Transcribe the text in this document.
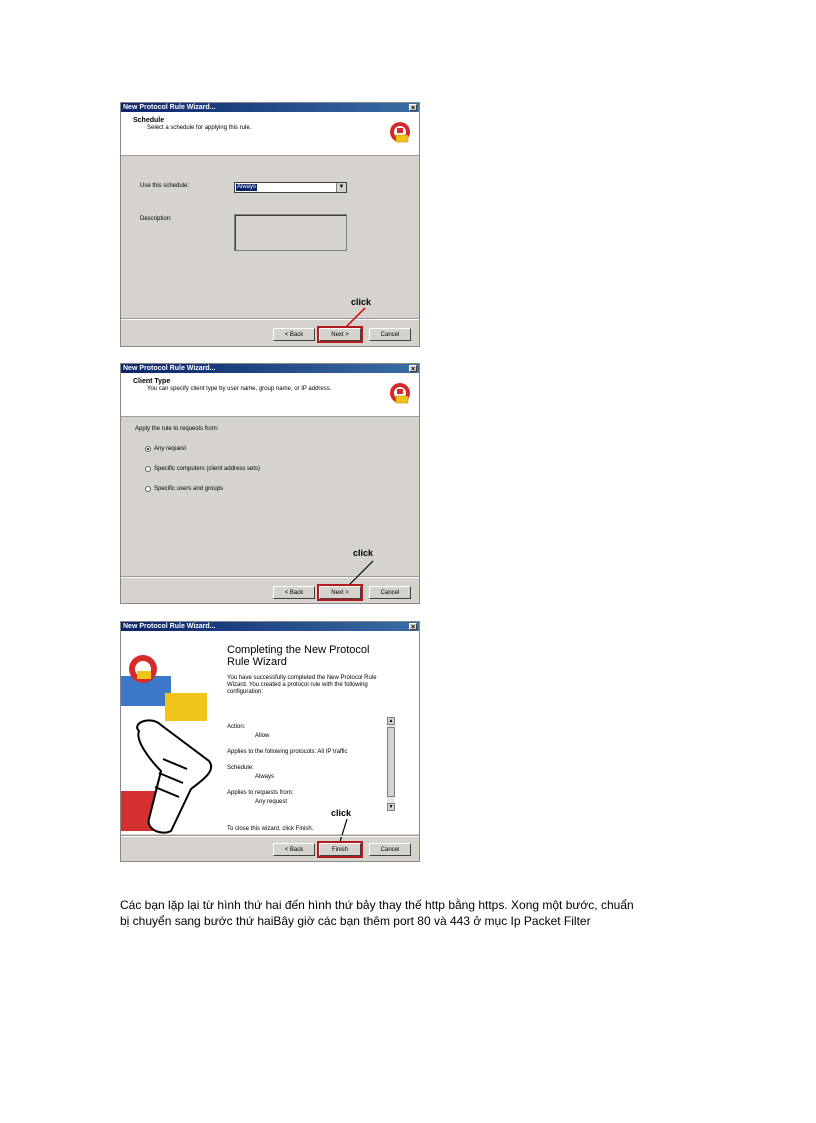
New Protocol Rule Wizard...	×
Schedule
Select a schedule for applying this rule.
Use this schedule:	Always	▼
Description:
click
< Back	Next >	Cancel
New Protocol Rule Wizard...	×
Client Type
You can specify client type by user name, group name, or IP address.
Apply the rule to requests from:
Any request
Specific computers (client address sets)
Specific users and groups
click
< Back	Next >	Cancel
New Protocol Rule Wizard...	×
Completing the New Protocol
Rule Wizard
You have successfully completed the New Protocol Rule
Wizard. You created a protocol rule with the following
configuration:
Action:
Allow
Applies to the following protocols: All IP traffic
Schedule:
Always
Applies to requests from:
Any request
▲
▼
To close this wizard, click Finish.
click
< Back	Finish	Cancel
Các bạn lặp lại từ hình thứ hai đến hình thứ bảy thay thế http bằng https. Xong một bước, chuẩn
bị chuyển sang bước thứ haiBây giờ các bạn thêm port 80 và 443 ở mục Ip Packet Filter
